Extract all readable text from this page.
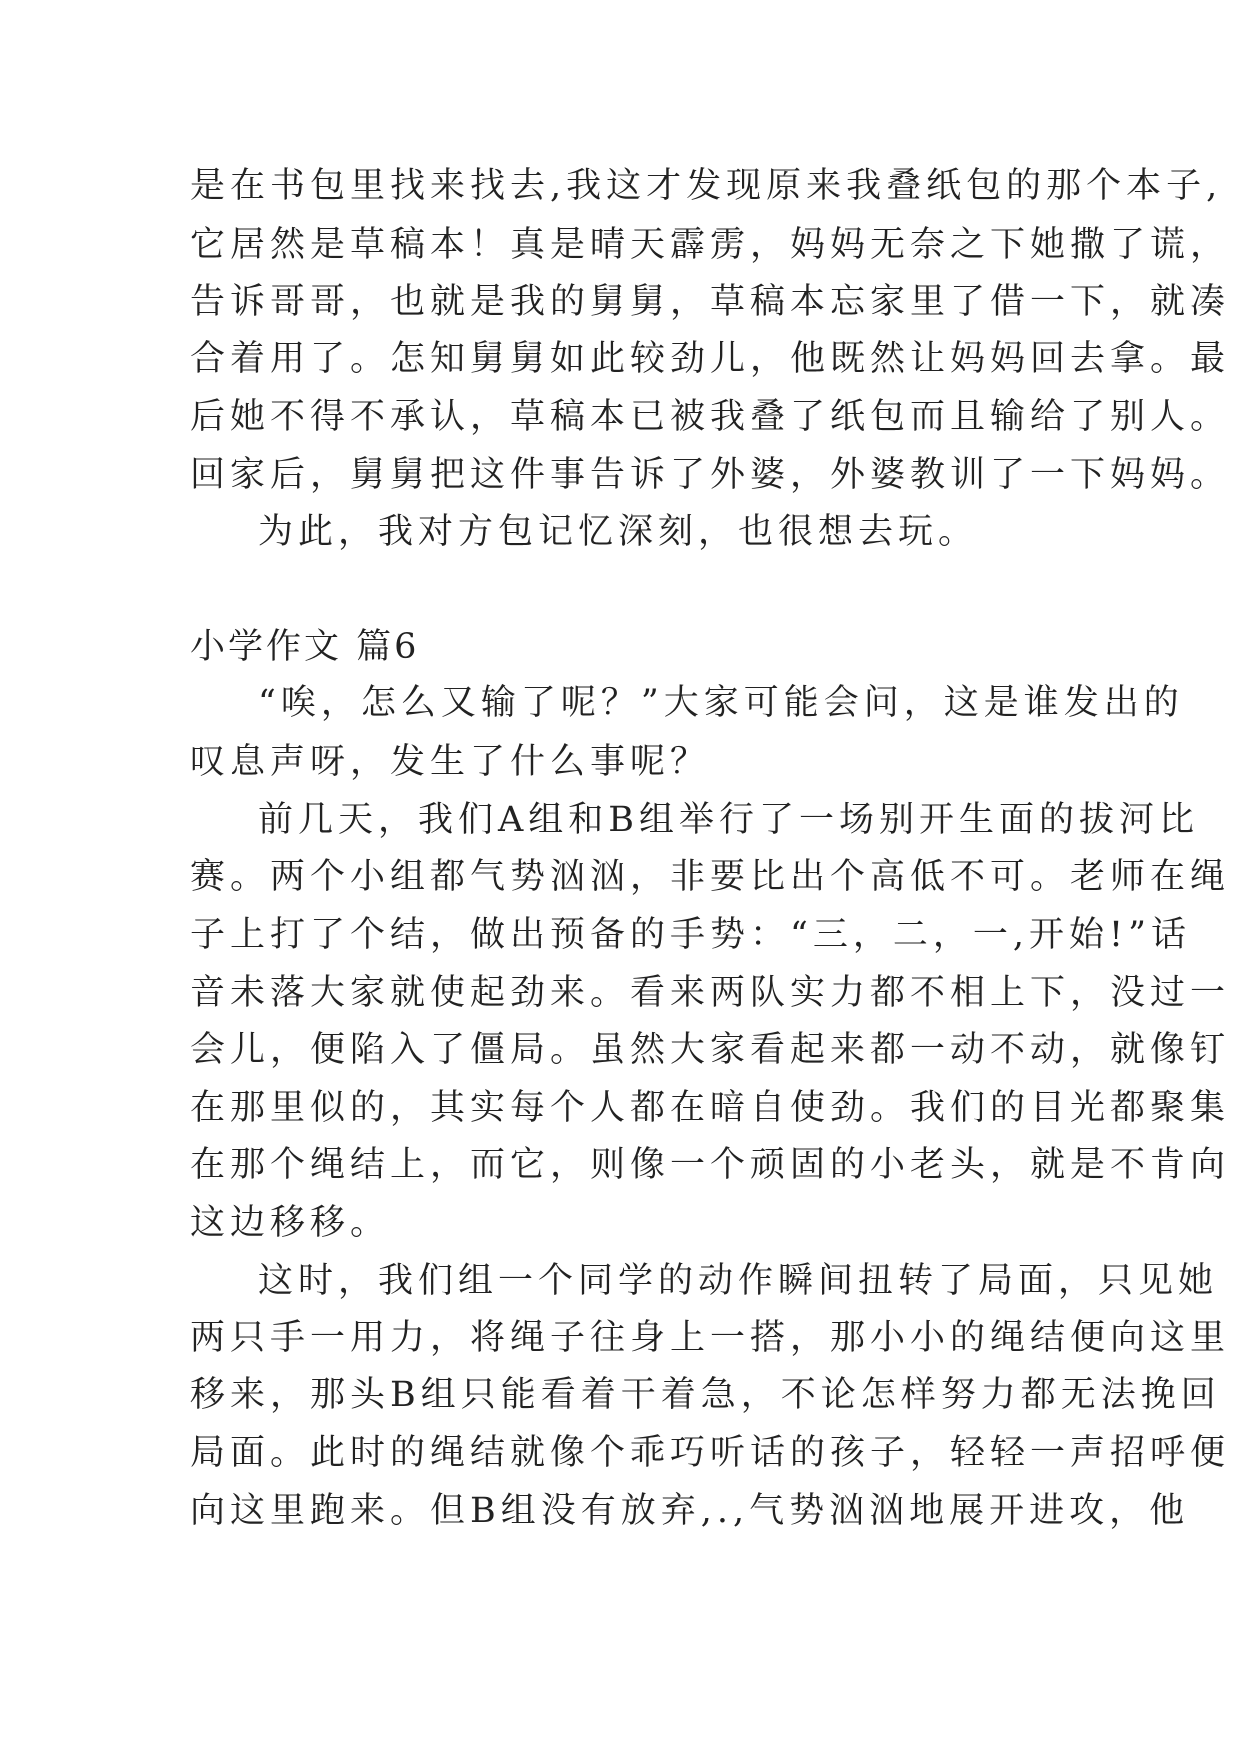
是在书包里找来找去,我这才发现原来我叠纸包的那个本子,

它居然是草稿本！真是晴天霹雳，妈妈无奈之下她撒了谎，

告诉哥哥，也就是我的舅舅，草稿本忘家里了借一下，就凑

合着用了。怎知舅舅如此较劲儿，他既然让妈妈回去拿。最

后她不得不承认，草稿本已被我叠了纸包而且输给了别人。

回家后，舅舅把这件事告诉了外婆，外婆教训了一下妈妈。

为此，我对方包记忆深刻，也很想去玩。

小学作文 篇6

“唉，怎么又输了呢？”大家可能会问，这是谁发出的

叹息声呀，发生了什么事呢？

前几天，我们A组和B组举行了一场别开生面的拔河比

赛。两个小组都气势汹汹，非要比出个高低不可。老师在绳

子上打了个结，做出预备的手势：“三，二，一,开始!”话

音未落大家就使起劲来。看来两队实力都不相上下，没过一

会儿，便陷入了僵局。虽然大家看起来都一动不动，就像钉

在那里似的，其实每个人都在暗自使劲。我们的目光都聚集

在那个绳结上，而它，则像一个顽固的小老头，就是不肯向

这边移移。

这时，我们组一个同学的动作瞬间扭转了局面，只见她

两只手一用力，将绳子往身上一搭，那小小的绳结便向这里

移来，那头B组只能看着干着急，不论怎样努力都无法挽回

局面。此时的绳结就像个乖巧听话的孩子，轻轻一声招呼便

向这里跑来。但B组没有放弃,.,气势汹汹地展开进攻，他
